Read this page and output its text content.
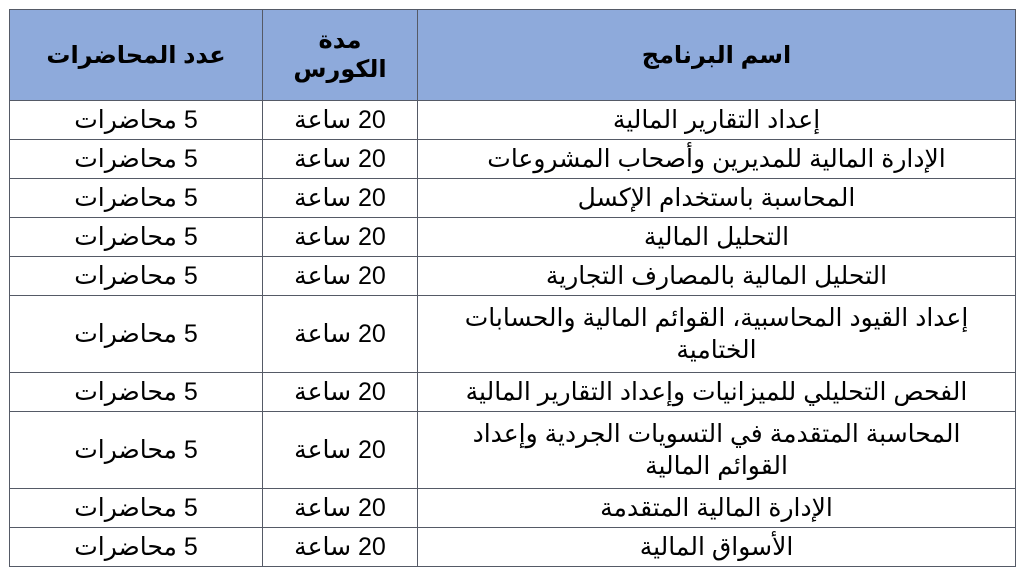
اسم البرنامج	مدة الكورس	عدد المحاضرات
إعداد التقارير المالية	20 ساعة	5 محاضرات
الإدارة المالية للمديرين وأصحاب المشروعات	20 ساعة	5 محاضرات
المحاسبة باستخدام الإكسل	20 ساعة	5 محاضرات
التحليل المالية	20 ساعة	5 محاضرات
التحليل المالية بالمصارف التجارية	20 ساعة	5 محاضرات
إعداد القيود المحاسبية، القوائم المالية والحسابات الختامية	20 ساعة	5 محاضرات
الفحص التحليلي للميزانيات وإعداد التقارير المالية	20 ساعة	5 محاضرات
المحاسبة المتقدمة في التسويات الجردية وإعداد القوائم المالية	20 ساعة	5 محاضرات
الإدارة المالية المتقدمة	20 ساعة	5 محاضرات
الأسواق المالية	20 ساعة	5 محاضرات
